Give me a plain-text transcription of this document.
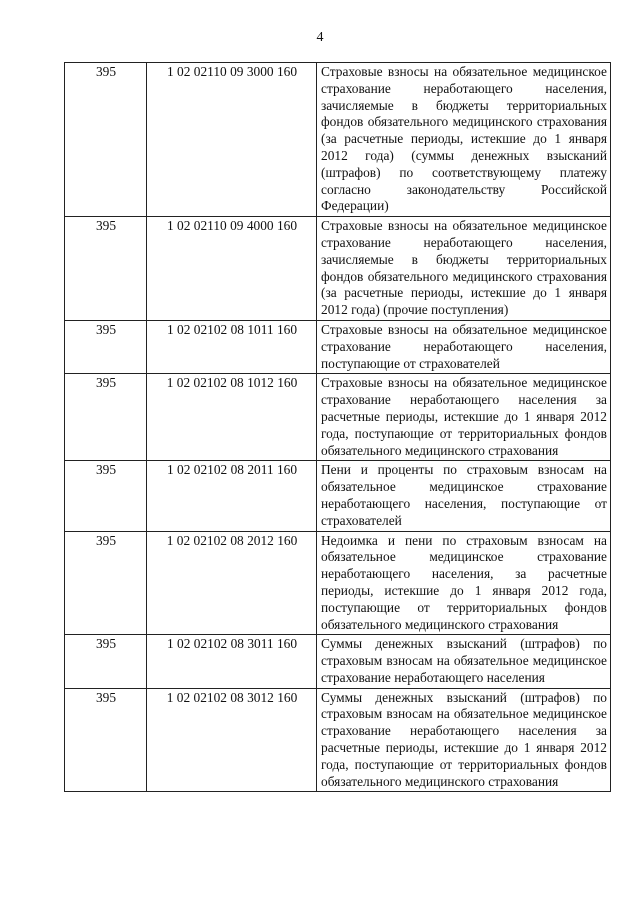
4
395	1 02 02110 09 3000 160	Страховые взносы на обязательное медицинское страхование неработающего населения, зачисляемые в бюджеты территориальных фондов обязательного медицинского страхования (за расчетные периоды, истекшие до 1 января 2012 года) (суммы денежных взысканий (штрафов) по соответствующему платежу согласно законодательству Российской Федерации)
395	1 02 02110 09 4000 160	Страховые взносы на обязательное медицинское страхование неработающего населения, зачисляемые в бюджеты территориальных фондов обязательного медицинского страхования (за расчетные периоды, истекшие до 1 января 2012 года) (прочие поступления)
395	1 02 02102 08 1011 160	Страховые взносы на обязательное медицинское страхование неработающего населения, поступающие от страхователей
395	1 02 02102 08 1012 160	Страховые взносы на обязательное медицинское страхование неработающего населения за расчетные периоды, истекшие до 1 января 2012 года, поступающие от территориальных фондов обязательного медицинского страхования
395	1 02 02102 08 2011 160	Пени и проценты по страховым взносам на обязательное медицинское страхование неработающего населения, поступающие от страхователей
395	1 02 02102 08 2012 160	Недоимка и пени по страховым взносам на обязательное медицинское страхование неработающего населения, за расчетные периоды, истекшие до 1 января 2012 года, поступающие от территориальных фондов обязательного медицинского страхования
395	1 02 02102 08 3011 160	Суммы денежных взысканий (штрафов) по страховым взносам на обязательное медицинское страхование неработающего населения
395	1 02 02102 08 3012 160	Суммы денежных взысканий (штрафов) по страховым взносам на обязательное медицинское страхование неработающего населения за расчетные периоды, истекшие до 1 января 2012 года, поступающие от территориальных фондов обязательного медицинского страхования
